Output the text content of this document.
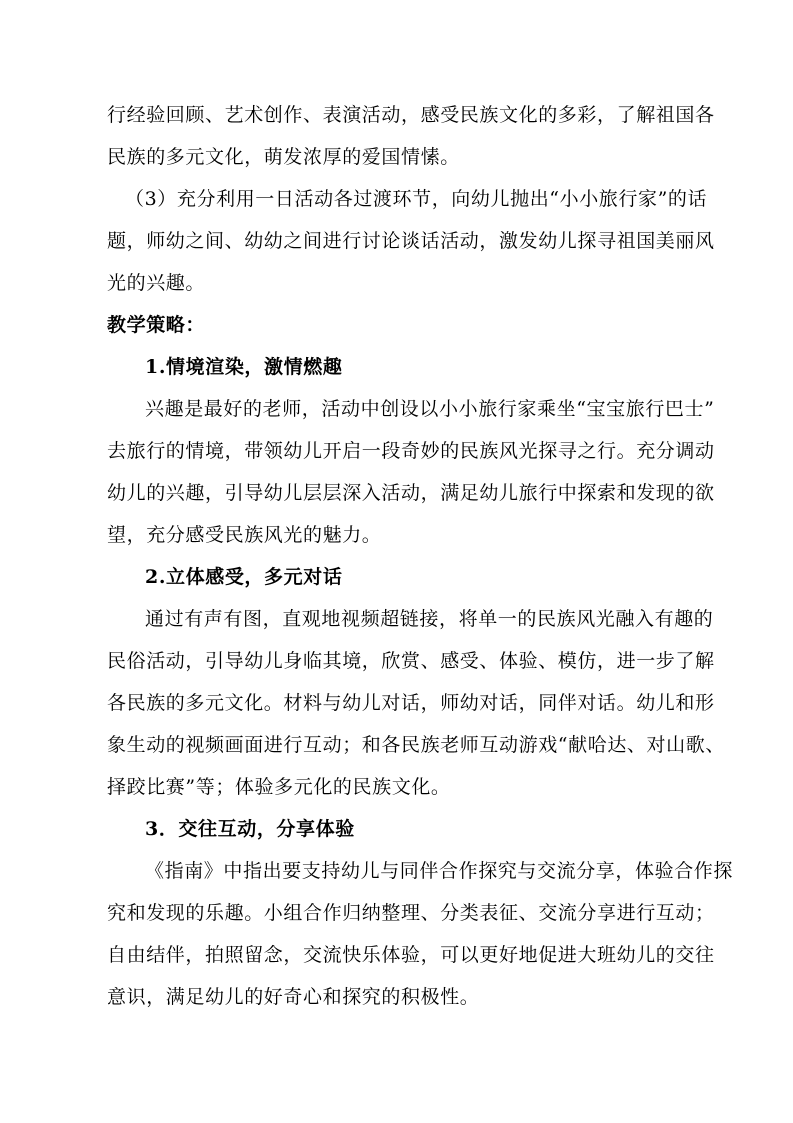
行经验回顾、艺术创作、表演活动，感受民族文化的多彩，了解祖国各
民族的多元文化，萌发浓厚的爱国情愫。
（3）充分利用一日活动各过渡环节，向幼儿抛出“小小旅行家”的话
题，师幼之间、幼幼之间进行讨论谈话活动，激发幼儿探寻祖国美丽风
光的兴趣。
教学策略：
1.情境渲染，激情燃趣
兴趣是最好的老师，活动中创设以小小旅行家乘坐“宝宝旅行巴士”
去旅行的情境，带领幼儿开启一段奇妙的民族风光探寻之行。充分调动
幼儿的兴趣，引导幼儿层层深入活动，满足幼儿旅行中探索和发现的欲
望，充分感受民族风光的魅力。
2.立体感受，多元对话
通过有声有图，直观地视频超链接，将单一的民族风光融入有趣的
民俗活动，引导幼儿身临其境，欣赏、感受、体验、模仿，进一步了解
各民族的多元文化。材料与幼儿对话，师幼对话，同伴对话。幼儿和形
象生动的视频画面进行互动；和各民族老师互动游戏“献哈达、对山歌、
择跤比赛”等；体验多元化的民族文化。
3．交往互动，分享体验
《指南》中指出要支持幼儿与同伴合作探究与交流分享，体验合作探
究和发现的乐趣。小组合作归纳整理、分类表征、交流分享进行互动；
自由结伴，拍照留念，交流快乐体验，可以更好地促进大班幼儿的交往
意识，满足幼儿的好奇心和探究的积极性。
